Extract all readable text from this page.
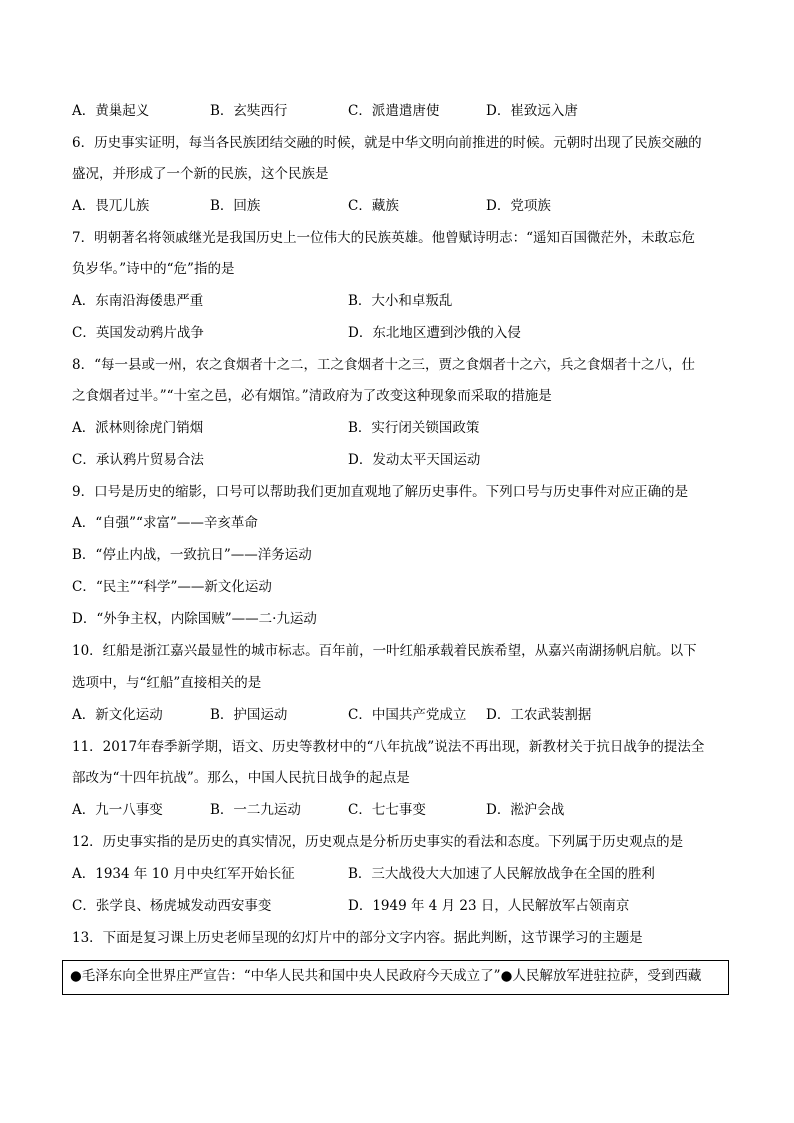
A．黄巢起义	B．玄奘西行	C．派遣遣唐使	D．崔致远入唐
6．历史事实证明，每当各民族团结交融的时候，就是中华文明向前推进的时候。元朝时出现了民族交融的
盛况，并形成了一个新的民族，这个民族是
A．畏兀儿族	B．回族	C．藏族	D．党项族
7．明朝著名将领戚继光是我国历史上一位伟大的民族英雄。他曾赋诗明志：“遥知百国微茫外，未敢忘危
负岁华。”诗中的“危”指的是
A．东南沿海倭患严重	B．大小和卓叛乱
C．英国发动鸦片战争	D．东北地区遭到沙俄的入侵
8．“每一县或一州，农之食烟者十之二，工之食烟者十之三，贾之食烟者十之六，兵之食烟者十之八，仕
之食烟者过半。”“十室之邑，必有烟馆。”清政府为了改变这种现象而采取的措施是
A．派林则徐虎门销烟	B．实行闭关锁国政策
C．承认鸦片贸易合法	D．发动太平天国运动
9．口号是历史的缩影，口号可以帮助我们更加直观地了解历史事件。下列口号与历史事件对应正确的是
A．“自强”“求富”——辛亥革命
B．“停止内战，一致抗日”——洋务运动
C．“民主”“科学”——新文化运动
D．“外争主权，内除国贼”——二·九运动
10．红船是浙江嘉兴最显性的城市标志。百年前，一叶红船承载着民族希望，从嘉兴南湖扬帆启航。以下
选项中，与“红船”直接相关的是
A．新文化运动	B．护国运动	C．中国共产党成立 D．工农武装割据
11．2017年春季新学期，语文、历史等教材中的“八年抗战”说法不再出现，新教材关于抗日战争的提法全
部改为“十四年抗战”。那么，中国人民抗日战争的起点是
A．九一八事变	B．一二九运动	C．七七事变	D．淞沪会战
12．历史事实指的是历史的真实情况，历史观点是分析历史事实的看法和态度。下列属于历史观点的是
A．1934 年 10 月中央红军开始长征	B．三大战役大大加速了人民解放战争在全国的胜利
C．张学良、杨虎城发动西安事变	D．1949 年 4 月 23 日，人民解放军占领南京
13．下面是复习课上历史老师呈现的幻灯片中的部分文字内容。据此判断，这节课学习的主题是
●毛泽东向全世界庄严宣告：“中华人民共和国中央人民政府今天成立了”●人民解放军进驻拉萨，受到西藏
